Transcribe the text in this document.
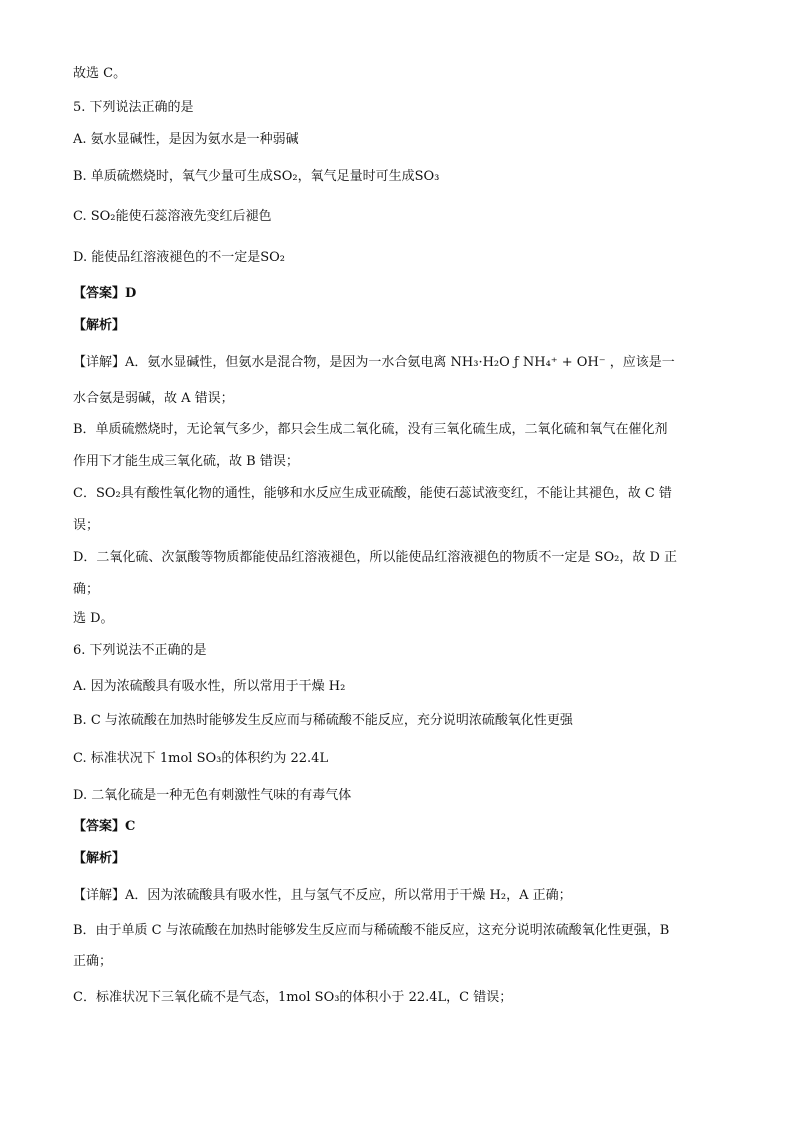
故选 C。
5. 下列说法正确的是
A. 氨水显碱性，是因为氨水是一种弱碱
B. 单质硫燃烧时，氧气少量可生成SO₂，氧气足量时可生成SO₃
C. SO₂能使石蕊溶液先变红后褪色
D. 能使品红溶液褪色的不一定是SO₂
【答案】D
【解析】
【详解】A．氨水显碱性，但氨水是混合物，是因为一水合氨电离 NH₃·H₂O ƒ NH₄⁺ + OH⁻ ，应该是一
水合氨是弱碱，故 A 错误；
B．单质硫燃烧时，无论氧气多少，都只会生成二氧化硫，没有三氧化硫生成，二氧化硫和氧气在催化剂
作用下才能生成三氧化硫，故 B 错误；
C．SO₂具有酸性氧化物的通性，能够和水反应生成亚硫酸，能使石蕊试液变红，不能让其褪色，故 C 错
误；
D．二氧化硫、次氯酸等物质都能使品红溶液褪色，所以能使品红溶液褪色的物质不一定是 SO₂，故 D 正
确；
选 D。
6. 下列说法不正确的是
A. 因为浓硫酸具有吸水性，所以常用于干燥 H₂
B. C 与浓硫酸在加热时能够发生反应而与稀硫酸不能反应，充分说明浓硫酸氧化性更强
C. 标准状况下 1mol SO₃的体积约为 22.4L
D. 二氧化硫是一种无色有刺激性气味的有毒气体
【答案】C
【解析】
【详解】A．因为浓硫酸具有吸水性，且与氢气不反应，所以常用于干燥 H₂，A 正确；
B．由于单质 C 与浓硫酸在加热时能够发生反应而与稀硫酸不能反应，这充分说明浓硫酸氧化性更强，B
正确；
C．标准状况下三氧化硫不是气态，1mol SO₃的体积小于 22.4L，C 错误；
